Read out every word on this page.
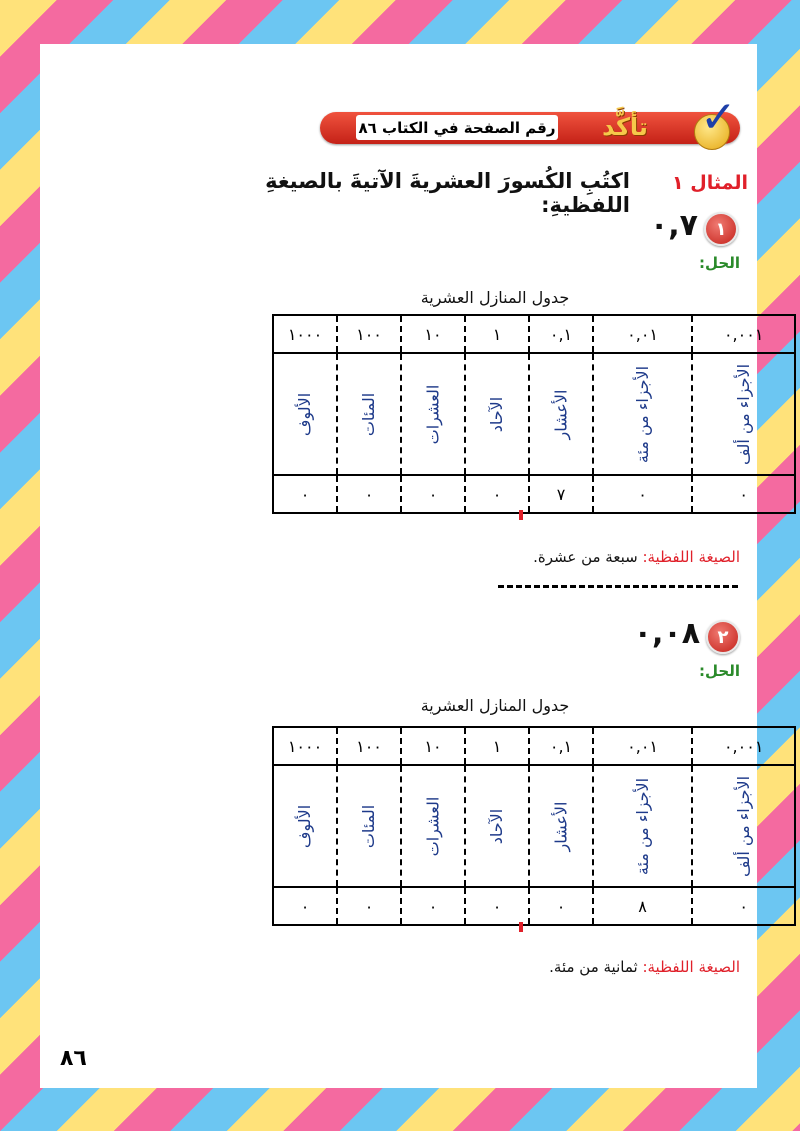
رقم الصفحة في الكتاب ٨٦	تأكَّد	✓
المثال ١
اكتُبِ الكُسورَ العشريةَ الآتيةَ بالصيغةِ اللفظيةِ:
١
٠,٧
الحل:
جدول المنازل العشرية
٠,٠٠١	٠,٠١	٠,١	١	١٠	١٠٠	١٠٠٠
الأجزاء من ألف	الأجزاء من مئة	الأعشار	الآحاد	العشرات	المئات	الألوف
٠	٠	٧	٠	٠	٠	٠
الصيغة اللفظية: سبعة من عشرة.
٢
٠,٠٨
الحل:
جدول المنازل العشرية
٠,٠٠١	٠,٠١	٠,١	١	١٠	١٠٠	١٠٠٠
الأجزاء من ألف	الأجزاء من مئة	الأعشار	الآحاد	العشرات	المئات	الألوف
٠	٨	٠	٠	٠	٠	٠
الصيغة اللفظية: ثمانية من مئة.
٨٦
